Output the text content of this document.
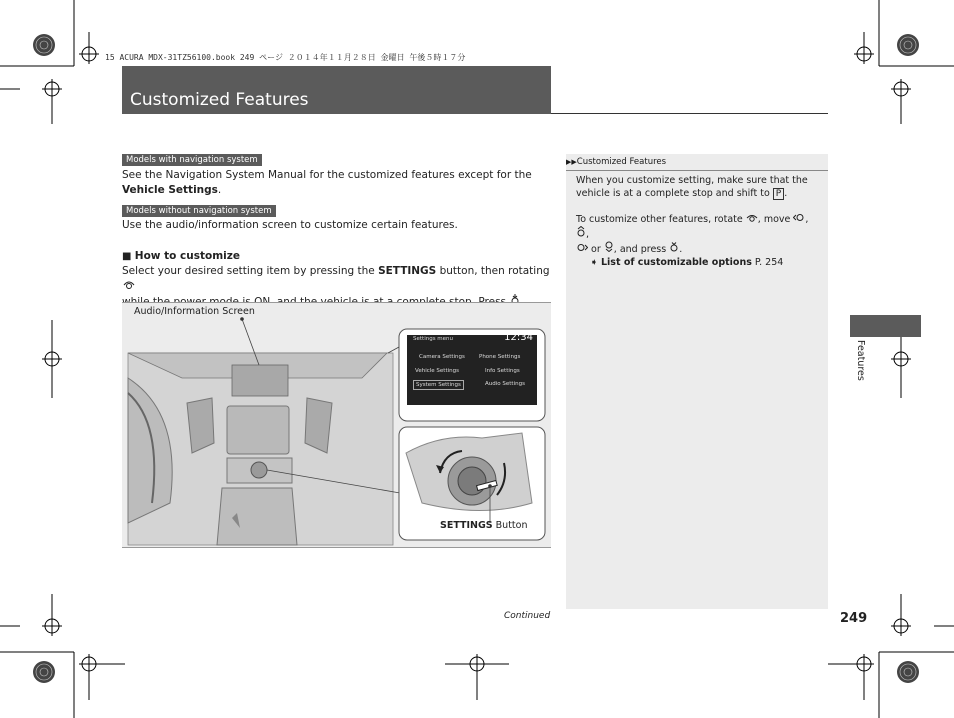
15 ACURA MDX-31TZ56100.book 249 ページ ２０１４年１１月２８日 金曜日 午後５時１７分
Customized Features
Models with navigation system
See the Navigation System Manual for the customized features except for the Vehicle Settings.
Models without navigation system
Use the audio/information screen to customize certain features.
■ How to customize
Select your desired setting item by pressing the SETTINGS button, then rotating

Audio/Information Screen
Settings menu	12:34
Camera Settings	Phone Settings
Vehicle Settings	Info Settings
System Settings	Audio Settings
SETTINGS Button
Continued
▶▶Customized Features
When you customize setting, make sure that the vehicle is at a complete stop and shift to P .
To customize other features, rotate , move , ,
or , and press .
➧ List of customizable options P. 254
Features
249
